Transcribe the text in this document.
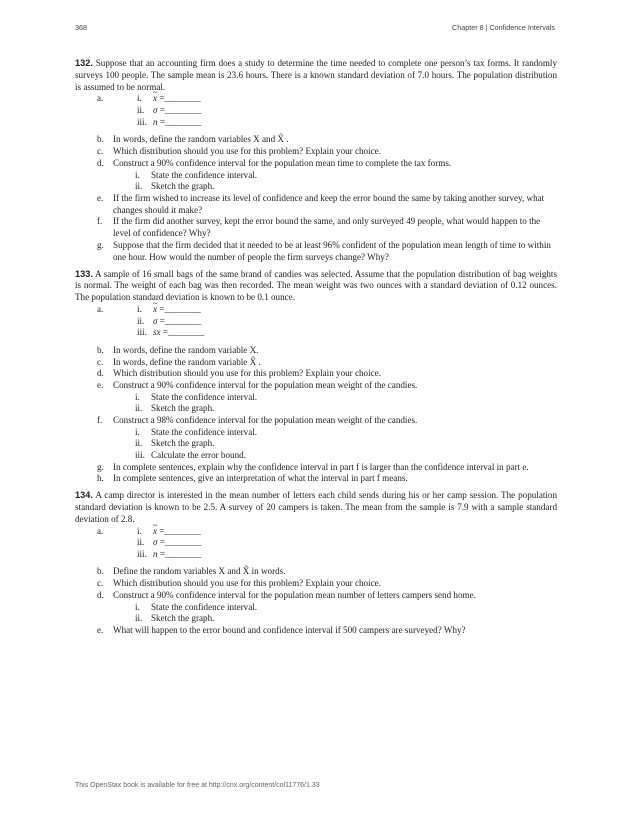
368	Chapter 8 | Confidence Intervals

132. Suppose that an accounting firm does a study to determine the time needed to complete one person’s tax forms. It randomly surveys 100 people. The sample mean is 23.6 hours. There is a known standard deviation of 7.0 hours. The population distribution is assumed to be normal.

a.	i. ~ x =________
ii. σ =________
iii. n =________
b.	In words, define the random variables X and X̃ .
c.	Which distribution should you use for this problem? Explain your choice.
d.	Construct a 90% confidence interval for the population mean time to complete the tax forms.
i. State the confidence interval.
ii. Sketch the graph.
e.	If the firm wished to increase its level of confidence and keep the error bound the same by taking another survey, what changes should it make?
f.	If the firm did another survey, kept the error bound the same, and only surveyed 49 people, what would happen to the level of confidence? Why?
g.	Suppose that the firm decided that it needed to be at least 96% confident of the population mean length of time to within one hour. How would the number of people the firm surveys change? Why?

133. A sample of 16 small bags of the same brand of candies was selected. Assume that the population distribution of bag weights is normal. The weight of each bag was then recorded. The mean weight was two ounces with a standard deviation of 0.12 ounces. The population standard deviation is known to be 0.1 ounce.

a.	i. ~ x =________
ii. σ =________
iii. sx =________
b.	In words, define the random variable X.
c.	In words, define the random variable X̃ .
d.	Which distribution should you use for this problem? Explain your choice.
e.	Construct a 90% confidence interval for the population mean weight of the candies.
i. State the confidence interval.
ii. Sketch the graph.
f.	Construct a 98% confidence interval for the population mean weight of the candies.
i. State the confidence interval.
ii. Sketch the graph.
iii. Calculate the error bound.
g.	In complete sentences, explain why the confidence interval in part f is larger than the confidence interval in part e.
h.	In complete sentences, give an interpretation of what the interval in part f means.

134. A camp director is interested in the mean number of letters each child sends during his or her camp session. The population standard deviation is known to be 2.5. A survey of 20 campers is taken. The mean from the sample is 7.9 with a sample standard deviation of 2.8.

a.	i. ~ x =________
ii. σ =________
iii. n =________
b.	Define the random variables X and X̃ in words.
c.	Which distribution should you use for this problem? Explain your choice.
d.	Construct a 90% confidence interval for the population mean number of letters campers send home.
i. State the confidence interval.
ii. Sketch the graph.
e.	What will happen to the error bound and confidence interval if 500 campers are surveyed? Why?
This OpenStax book is available for free at http://cnx.org/content/col11776/1.33
